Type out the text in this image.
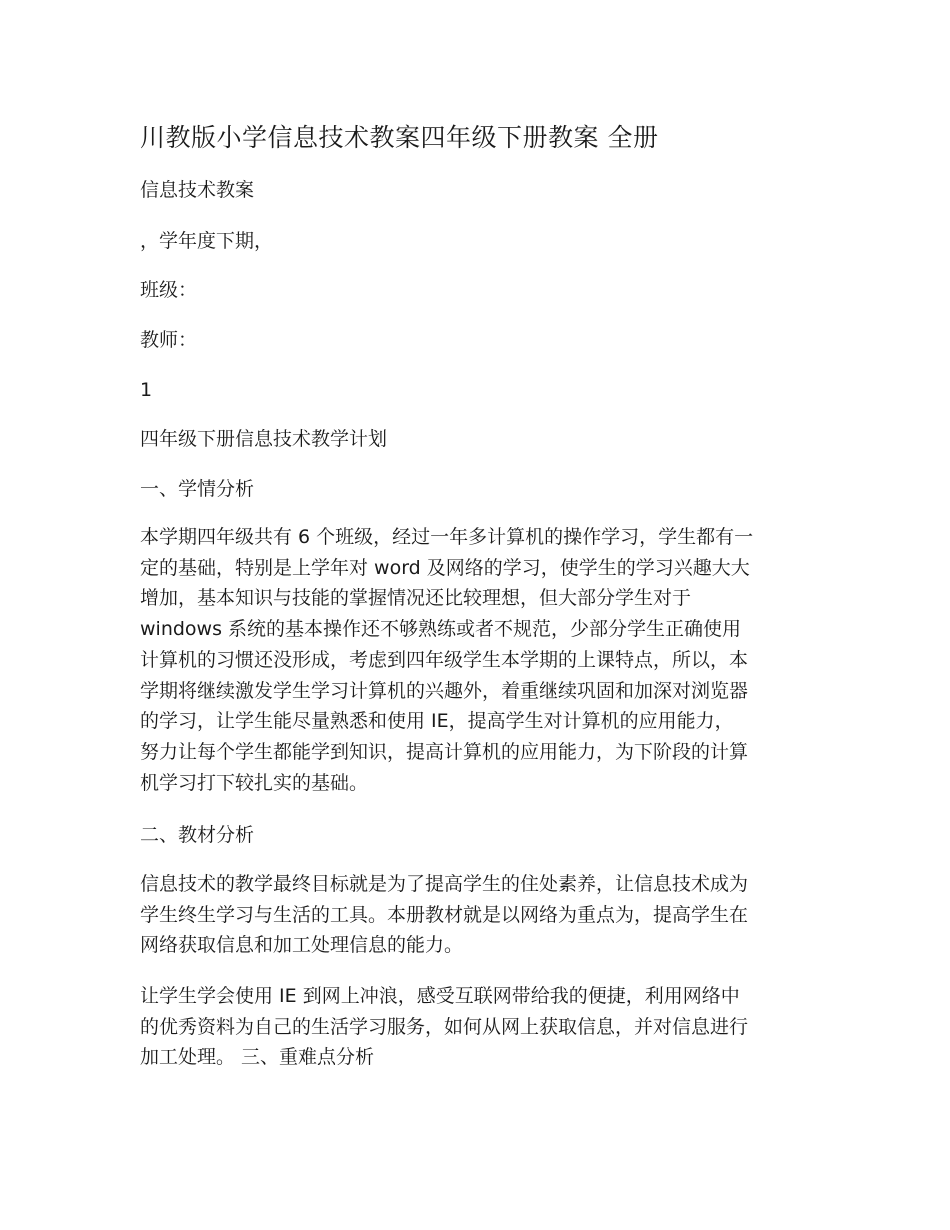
川教版小学信息技术教案四年级下册教案 全册
信息技术教案
，学年度下期，
班级：
教师：
1
四年级下册信息技术教学计划
一、学情分析
本学期四年级共有 6 个班级，经过一年多计算机的操作学习，学生都有一
定的基础，特别是上学年对 word 及网络的学习，使学生的学习兴趣大大
增加，基本知识与技能的掌握情况还比较理想，但大部分学生对于
windows 系统的基本操作还不够熟练或者不规范，少部分学生正确使用
计算机的习惯还没形成，考虑到四年级学生本学期的上课特点，所以，本
学期将继续激发学生学习计算机的兴趣外，着重继续巩固和加深对浏览器
的学习，让学生能尽量熟悉和使用 IE，提高学生对计算机的应用能力，
努力让每个学生都能学到知识，提高计算机的应用能力，为下阶段的计算
机学习打下较扎实的基础。
二、教材分析
信息技术的教学最终目标就是为了提高学生的住处素养，让信息技术成为
学生终生学习与生活的工具。本册教材就是以网络为重点为，提高学生在
网络获取信息和加工处理信息的能力。
让学生学会使用 IE 到网上冲浪，感受互联网带给我的便捷，利用网络中
的优秀资料为自己的生活学习服务，如何从网上获取信息，并对信息进行
加工处理。 三、重难点分析
